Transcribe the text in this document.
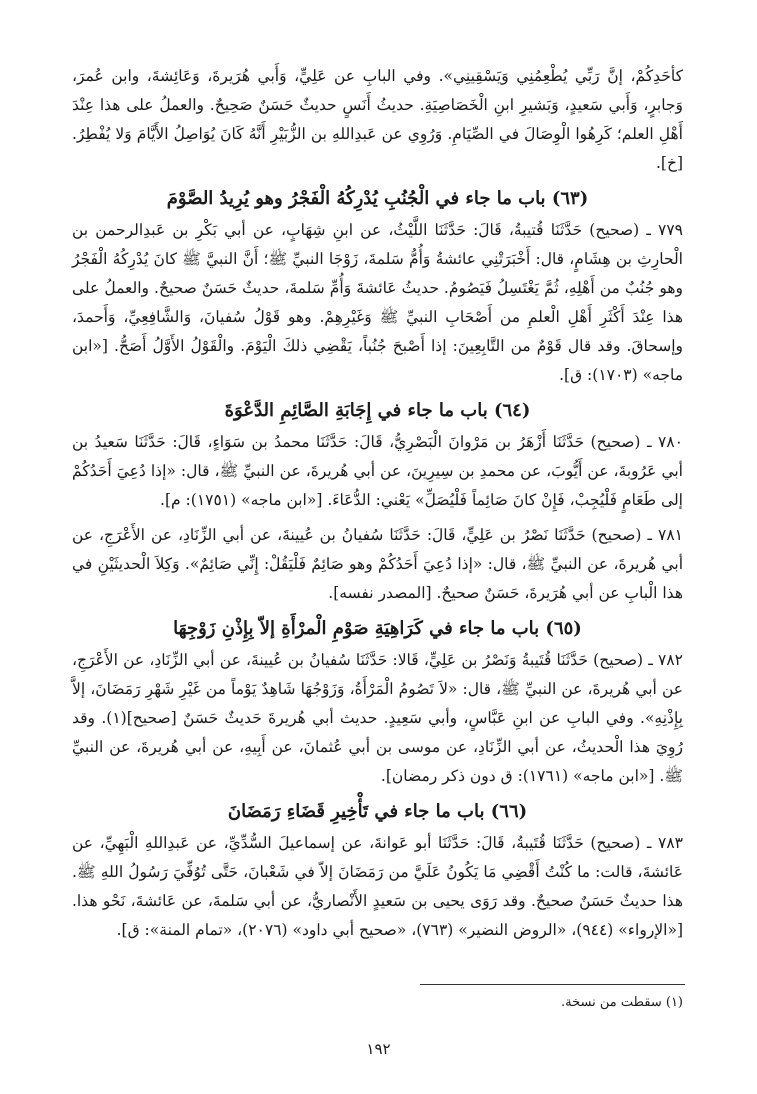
كأحَدِكُمْ، إنَّ رَبِّي يُطْعِمُنِي وَيَسْقِينِي». وفي البابِ عن عَلِيٍّ، وَأَبي هُرَيرةَ، وَعَائِشةَ، وابن عُمرَ، وَجابرٍ، وَأَبي سَعيدٍ، وَبَشيرِ ابنِ الْخَصَاصِيَةِ. حديثُ أَنَسٍ حديثٌ حَسَنٌ صَحِيحٌ. والعملُ على هذا عِنْدَ أَهْلِ العلم؛ كَرِهُوا الْوِصَالَ في الصِّيَامِ. وَرُوِي عن عَبدِاللهِ بن الزُّبَيْرِ أَنَّهُ كَانَ يُوَاصِلُ الأَيَّامَ وَلا يُفْطِرُ. [خ].

(٦٣) باب ما جاء في الْجُنُبِ يُدْرِكُهُ الْفَجْرُ وهو يُرِيدُ الصَّوْمَ

٧٧٩ ـ (صحيح) حَدَّثَنَا قُتيبةُ، قَالَ: حَدَّثَنَا اللَّيْثُ، عن ابنِ شِهَابٍ، عن أبي بَكْرِ بن عَبدِالرحمن بن الْحارِثِ بن هِشَامٍ، قال: أَخْبَرَتْنِي عائشةُ وَأُمُّ سَلمةَ، زَوْجَا النبيِّ ﷺ؛ أَنَّ النبيَّ ﷺ كانَ يُدْرِكُهُ الْفَجْرُ وهو جُنُبٌ من أَهْلِهِ، ثُمَّ يَغْتَسِلُ فَيَصُومُ. حديثُ عَائشةَ وَأُمِّ سَلمةَ، حديثٌ حَسَنٌ صحيحٌ. والعملُ على هذا عِنْدَ أَكْثَرِ أَهْلِ الْعلمِ من أَصْحَابِ النبيِّ ﷺ وَغَيْرِهِمْ. وهو قَوْلُ سُفيانَ، وَالشَّافِعِيِّ، وَأَحمدَ، وإسحاقَ. وقد قال قَوْمٌ من التَّابِعِينَ: إذا أَصْبحَ جُنُباً، يَقْضِي ذلكَ الْيَوْمَ. والْقَوْلُ الأَوَّلُ أَصَحُّ. [«ابن ماجه» (١٧٠٣): ق].

(٦٤) باب ما جاء في إِجَابَةِ الصَّائِمِ الدَّعْوَةَ

٧٨٠ ـ (صحيح) حَدَّثَنَا أَزْهَرُ بن مَرْوانَ الْبَصْرِيُّ، قَالَ: حَدَّثَنَا محمدُ بن سَوَاءٍ، قَالَ: حَدَّثَنَا سَعيدُ بن أبي عَرُوبةَ، عن أَيُّوبَ، عن محمدِ بن سِيرِينَ، عن أبي هُريرةَ، عن النبيِّ ﷺ، قال: «إذا دُعِيَ أَحَدُكُمْ إلى طَعَامٍ فَلْيُجِبْ، فَإِنْ كانَ صَائِماً فَلْيُصَلِّ» يَعْني: الدُّعَاءَ. [«ابن ماجه» (١٧٥١): م].

٧٨١ ـ (صحيح) حَدَّثَنَا نَصْرُ بن عَلِيٍّ، قَالَ: حَدَّثَنَا سُفيانُ بن عُيينةَ، عن أبي الزِّنَادِ، عن الأَعْرَجِ، عن أبي هُريرةَ، عن النبيِّ ﷺ، قال: «إذا دُعِيَ أَحَدُكُمْ وهو صَائِمٌ فَلْيَقُلْ: إِنِّي صَائِمٌ». وَكِلاَ الْحديثَيْنِ في هذا الْبابِ عن أبي هُرَيرةَ، حَسَنٌ صحيحٌ. [المصدر نفسه].

(٦٥) باب ما جاء في كَرَاهِيَةِ صَوْمِ الْمرْأَةِ إلاّ بِإِذْنِ زَوْجِهَا

٧٨٢ ـ (صحيح) حَدَّثَنَا قُتَيبةُ وَنَصْرُ بن عَلِيٍّ، قَالا: حَدَّثَنَا سُفيانُ بن عُيينةَ، عن أبي الزِّنَادِ، عن الأَعْرَجِ، عن أبي هُريرةَ، عن النبيِّ ﷺ، قال: «لاَ تَصُومُ الْمَرْأَةُ، وَزَوْجُهَا شَاهِدٌ يَوْماً من غَيْرِ شَهْرِ رَمَضَانَ، إلاَّ بِإِذْنِهِ». وفي البابِ عن ابنِ عَبَّاسٍ، وأبي سَعِيدٍ. حديث أبي هُريرةَ حَديثٌ حَسَنٌ [صحيح](١). وقد رُوِيَ هذا الْحديثُ، عن أبي الزِّنَادِ، عن موسى بن أبي عُثمانَ، عن أَبِيهِ، عن أبي هُريرةَ، عن النبيِّ ﷺ. [«ابن ماجه» (١٧٦١): ق دون ذكر رمضان].

(٦٦) باب ما جاء في تَأْخِيرِ قَضَاءِ رَمَضَانَ

٧٨٣ ـ (صحيح) حَدَّثَنَا قُتَيبةُ، قَالَ: حَدَّثَنَا أبو عَوانةَ، عن إسماعيلَ السُّدِّيِّ، عن عَبدِاللهِ الْبَهِيِّ، عن عَائشةَ، قالت: ما كُنْتُ أَقْضِي مَا يَكُونُ عَلَيَّ من رَمَضَانَ إلاّ في شَعْبانَ، حَتَّى تُوُفِّيَ رَسُولُ اللهِ ﷺ. هذا حديثٌ حَسَنٌ صحيحٌ. وقد رَوَى يحيى بن سَعيدٍ الأَنْصاريُّ، عن أبي سَلمةَ، عن عَائشةَ، نَحْو هذا. [«الإرواء» (٩٤٤)، «الروض النضير» (٧٦٣)، «صحيح أبي داود» (٢٠٧٦)، «تمام المنة»: ق].

(١) سقطت من نسخة.
١٩٢
